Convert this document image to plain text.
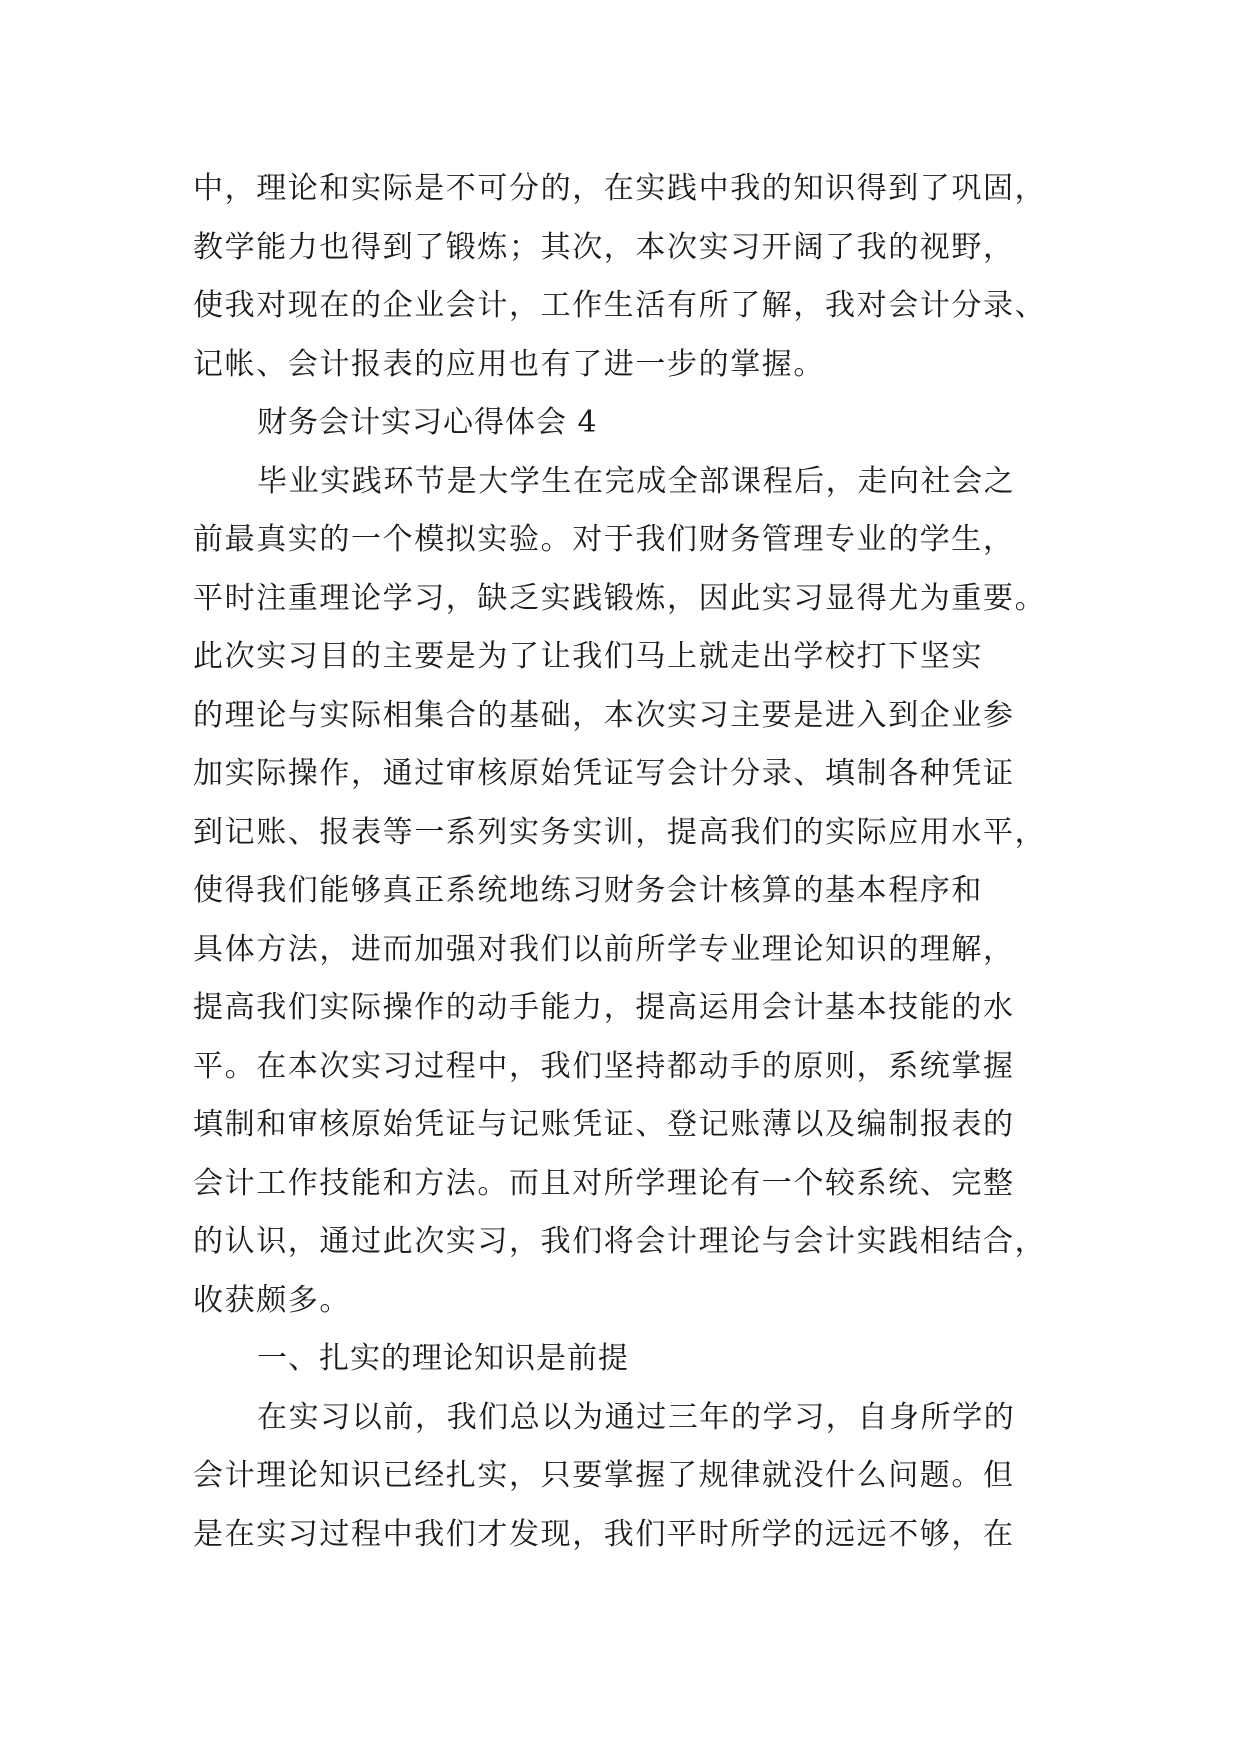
中，理论和实际是不可分的，在实践中我的知识得到了巩固，
教学能力也得到了锻炼；其次，本次实习开阔了我的视野，
使我对现在的企业会计，工作生活有所了解，我对会计分录、
记帐、会计报表的应用也有了进一步的掌握。
财务会计实习心得体会 4
毕业实践环节是大学生在完成全部课程后，走向社会之
前最真实的一个模拟实验。对于我们财务管理专业的学生，
平时注重理论学习，缺乏实践锻炼，因此实习显得尤为重要。
此次实习目的主要是为了让我们马上就走出学校打下坚实
的理论与实际相集合的基础，本次实习主要是进入到企业参
加实际操作，通过审核原始凭证写会计分录、填制各种凭证
到记账、报表等一系列实务实训，提高我们的实际应用水平，
使得我们能够真正系统地练习财务会计核算的基本程序和
具体方法，进而加强对我们以前所学专业理论知识的理解，
提高我们实际操作的动手能力，提高运用会计基本技能的水
平。在本次实习过程中，我们坚持都动手的原则，系统掌握
填制和审核原始凭证与记账凭证、登记账薄以及编制报表的
会计工作技能和方法。而且对所学理论有一个较系统、完整
的认识，通过此次实习，我们将会计理论与会计实践相结合，
收获颇多。
一、扎实的理论知识是前提
在实习以前，我们总以为通过三年的学习，自身所学的
会计理论知识已经扎实，只要掌握了规律就没什么问题。但
是在实习过程中我们才发现，我们平时所学的远远不够，在
